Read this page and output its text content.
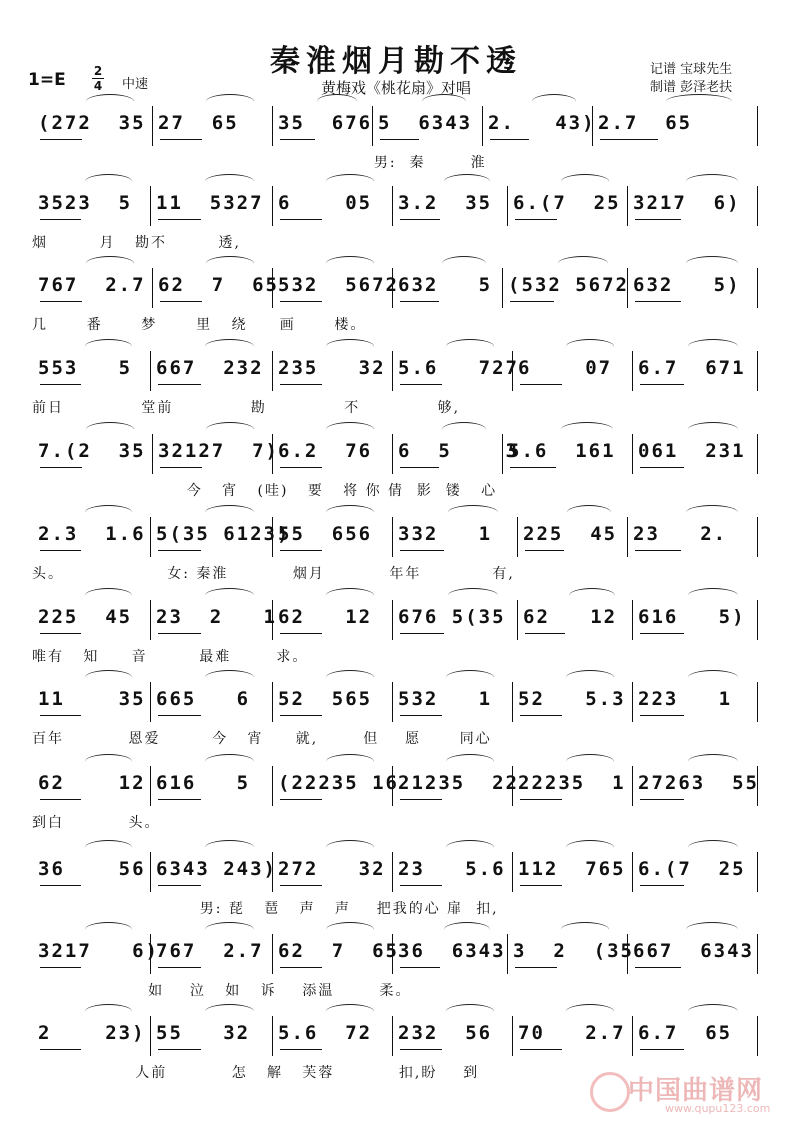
秦淮烟月勘不透
黄梅戏《桃花扇》对唱
记谱 宝球先生
制谱 彭泽老扶
1=E 2
4 中速
(272  35 27  65	35  676 5  6343 2.   43) 2.7  65
男:  秦       淮
3523  5	11  5327 6    05	3.2  35	6.(7  25 3217  6)
烟        月   勘不        透,
767  2.7 62  7  65 532  5672 632   5 (532 5672 632   5)
几      番      梦      里   绕     画      楼。
553   5	667  232 235   32 5.6   727 6    07	6.7  671
前日            堂前            勘            不            够,
7.(2  35 32127  7) 6.2  76	6  5    3
5.6  161	061  231
今   宵   (哇)   要   将 你 倩  影  镂   心
2.3  1.6 5(35 6123)
55  656	332   1	225  45 23   2.
头。                女: 秦淮          烟月          年年           有,
225  45	23  2   1 62   12	676 5(35 62   12	616   5)
唯有   知     音        最难       求。
11    35 665   6	52  565	532   1	52   5.3 223   1
百年          恩爱        今   宵     就,       但    愿      同心
62    12 616   5	(22235 16 21235  22 22235  1 27263  55
到白          头。
36    56 6343 243) 272   32 23   5.6 112  765 6.(7  25
男: 琵   琶   声   声    把我的心 扉  扣,
3217   6)
767  2.7 62  7  65 36  6343 3  2  (35 667  6343
如    泣   如   诉    添温       柔。
2    23) 55   32	5.6  72	232  56	70   2.7 6.7  65
人前          怎   解   芙蓉          扣,盼    到
中国曲谱网
www.qupu123.com
